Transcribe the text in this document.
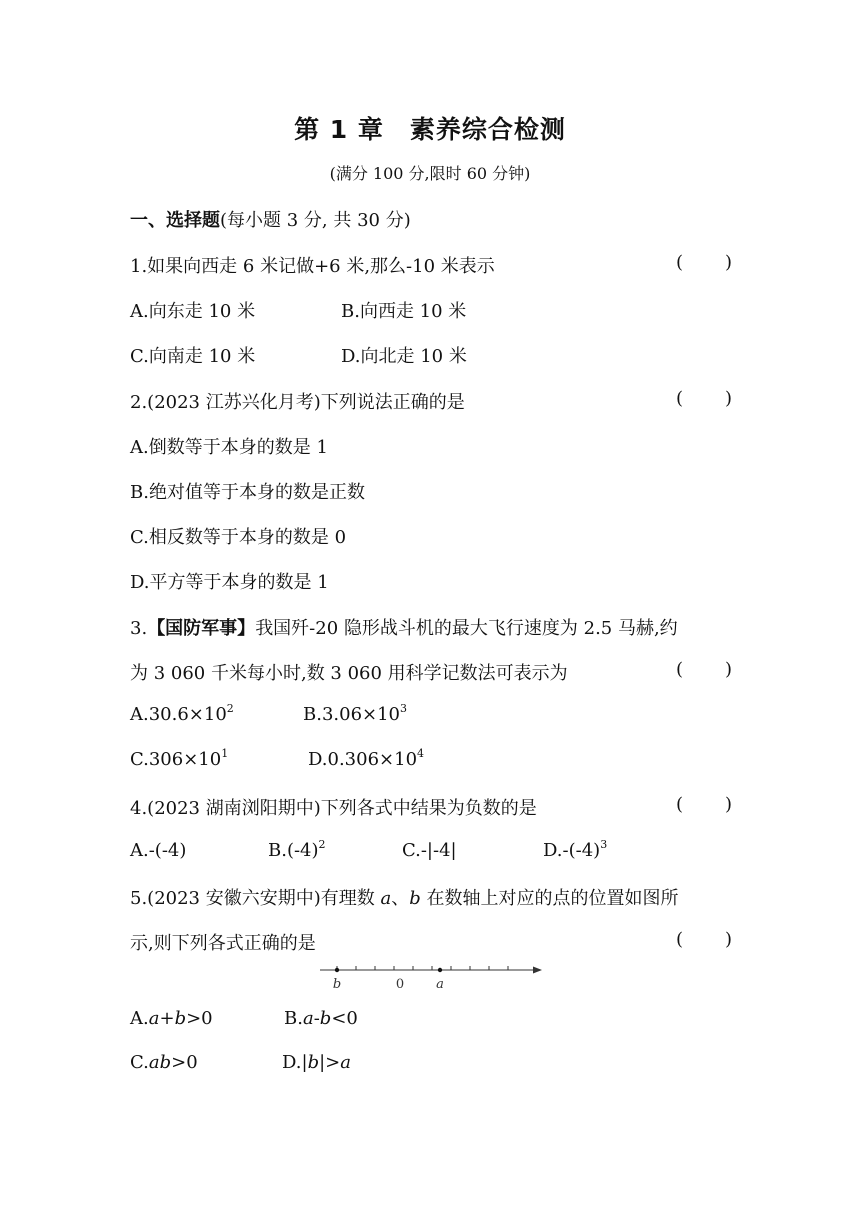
第 1 章　素养综合检测
(满分 100 分,限时 60 分钟)
一、选择题(每小题 3 分, 共 30 分)
1.如果向西走 6 米记做+6 米,那么-10 米表示	( )
A.向东走 10 米	B.向西走 10 米
C.向南走 10 米	D.向北走 10 米
2.(2023 江苏兴化月考)下列说法正确的是	( )
A.倒数等于本身的数是 1
B.绝对值等于本身的数是正数
C.相反数等于本身的数是 0
D.平方等于本身的数是 1
3.【国防军事】我国歼-20 隐形战斗机的最大飞行速度为 2.5 马赫,约
为 3 060 千米每小时,数 3 060 用科学记数法可表示为	( )
$A.30.6\times 10^2$	$B.3.06\times 10^3$
$C.306\times 10^1$	$D.0.306\times 10^4$
4.(2023 湖南浏阳期中)下列各式中结果为负数的是	( )
A.-(-4)	$B.(-4)^2$	C.-|-4|	$D.-(-4)^3$
5.(2023 安徽六安期中)有理数 a、b 在数轴上对应的点的位置如图所
示,则下列各式正确的是	( )
b	0 a
A.a+b>0	B.a-b<0
C.ab>0	D.|b|>a
